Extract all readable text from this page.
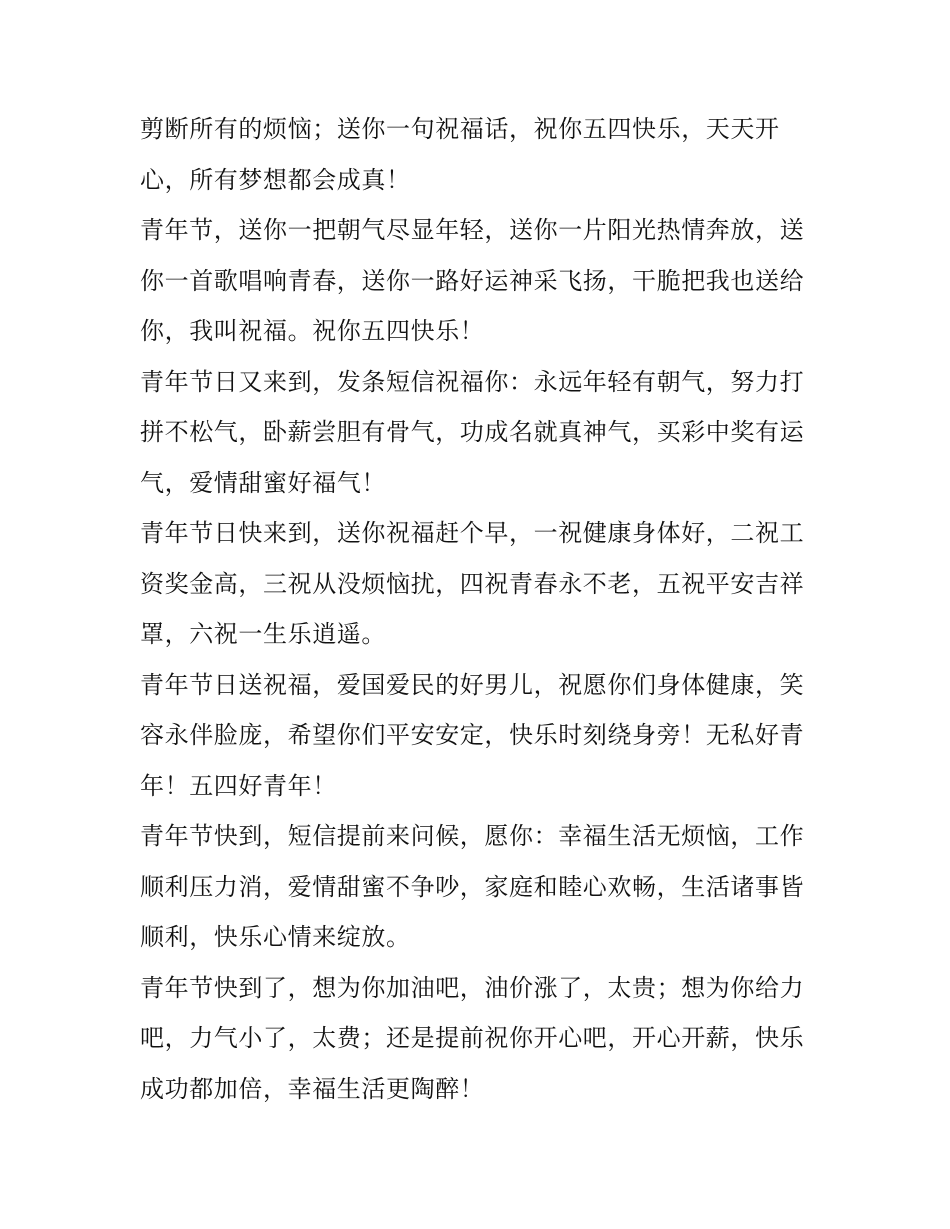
剪断所有的烦恼；送你一句祝福话，祝你五四快乐，天天开
心，所有梦想都会成真！
青年节，送你一把朝气尽显年轻，送你一片阳光热情奔放，送
你一首歌唱响青春，送你一路好运神采飞扬，干脆把我也送给
你，我叫祝福。祝你五四快乐！
青年节日又来到，发条短信祝福你：永远年轻有朝气，努力打
拼不松气，卧薪尝胆有骨气，功成名就真神气，买彩中奖有运
气，爱情甜蜜好福气！
青年节日快来到，送你祝福赶个早，一祝健康身体好，二祝工
资奖金高，三祝从没烦恼扰，四祝青春永不老，五祝平安吉祥
罩，六祝一生乐逍遥。
青年节日送祝福，爱国爱民的好男儿，祝愿你们身体健康，笑
容永伴脸庞，希望你们平安安定，快乐时刻绕身旁！无私好青
年！五四好青年！
青年节快到，短信提前来问候，愿你：幸福生活无烦恼，工作
顺利压力消，爱情甜蜜不争吵，家庭和睦心欢畅，生活诸事皆
顺利，快乐心情来绽放。
青年节快到了，想为你加油吧，油价涨了，太贵；想为你给力
吧，力气小了，太费；还是提前祝你开心吧，开心开薪，快乐
成功都加倍，幸福生活更陶醉！
